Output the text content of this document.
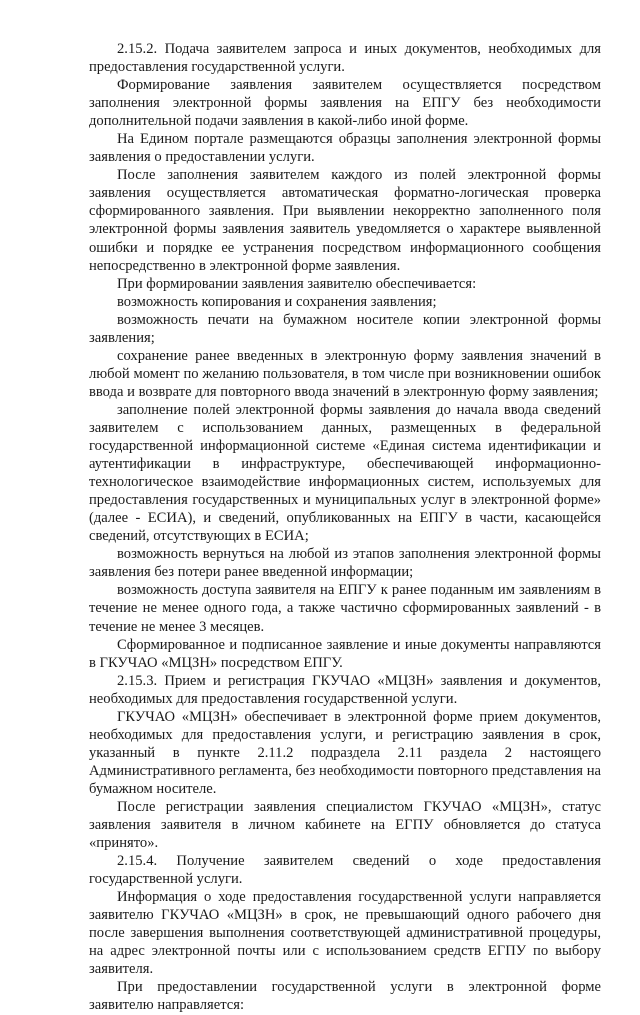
2.15.2. Подача заявителем запроса и иных документов, необходимых для предоставления государственной услуги.

Формирование заявления заявителем осуществляется посредством заполнения электронной формы заявления на ЕПГУ без необходимости дополнительной подачи заявления в какой-либо иной форме.

На Едином портале размещаются образцы заполнения электронной формы заявления о предоставлении услуги.

После заполнения заявителем каждого из полей электронной формы заявления осуществляется автоматическая форматно-логическая проверка сформированного заявления. При выявлении некорректно заполненного поля электронной формы заявления заявитель уведомляется о характере выявленной ошибки и порядке ее устранения посредством информационного сообщения непосредственно в электронной форме заявления.

При формировании заявления заявителю обеспечивается:

возможность копирования и сохранения заявления;

возможность печати на бумажном носителе копии электронной формы заявления;

сохранение ранее введенных в электронную форму заявления значений в любой момент по желанию пользователя, в том числе при возникновении ошибок ввода и возврате для повторного ввода значений в электронную форму заявления;

заполнение полей электронной формы заявления до начала ввода сведений заявителем с использованием данных, размещенных в федеральной государственной информационной системе «Единая система идентификации и аутентификации в инфраструктуре, обеспечивающей информационно-технологическое взаимодействие информационных систем, используемых для предоставления государственных и муниципальных услуг в электронной форме» (далее - ЕСИА), и сведений, опубликованных на ЕПГУ в части, касающейся сведений, отсутствующих в ЕСИА;

возможность вернуться на любой из этапов заполнения электронной формы заявления без потери ранее введенной информации;

возможность доступа заявителя на ЕПГУ к ранее поданным им заявлениям в течение не менее одного года, а также частично сформированных заявлений - в течение не менее 3 месяцев.

Сформированное и подписанное заявление и иные документы направляются в ГКУЧАО «МЦЗН» посредством ЕПГУ.

2.15.3. Прием и регистрация ГКУЧАО «МЦЗН» заявления и документов, необходимых для предоставления государственной услуги.

ГКУЧАО «МЦЗН» обеспечивает в электронной форме прием документов, необходимых для предоставления услуги, и регистрацию заявления в срок, указанный в пункте 2.11.2 подраздела 2.11 раздела 2 настоящего Административного регламента, без необходимости повторного представления на бумажном носителе.

После регистрации заявления специалистом ГКУЧАО «МЦЗН», статус заявления заявителя в личном кабинете на ЕГПУ обновляется до статуса «принято».

2.15.4. Получение заявителем сведений о ходе предоставления государственной услуги.

Информация о ходе предоставления государственной услуги направляется заявителю ГКУЧАО «МЦЗН» в срок, не превышающий одного рабочего дня после завершения выполнения соответствующей административной процедуры, на адрес электронной почты или с использованием средств ЕГПУ по выбору заявителя.

При предоставлении государственной услуги в электронной форме заявителю направляется:
